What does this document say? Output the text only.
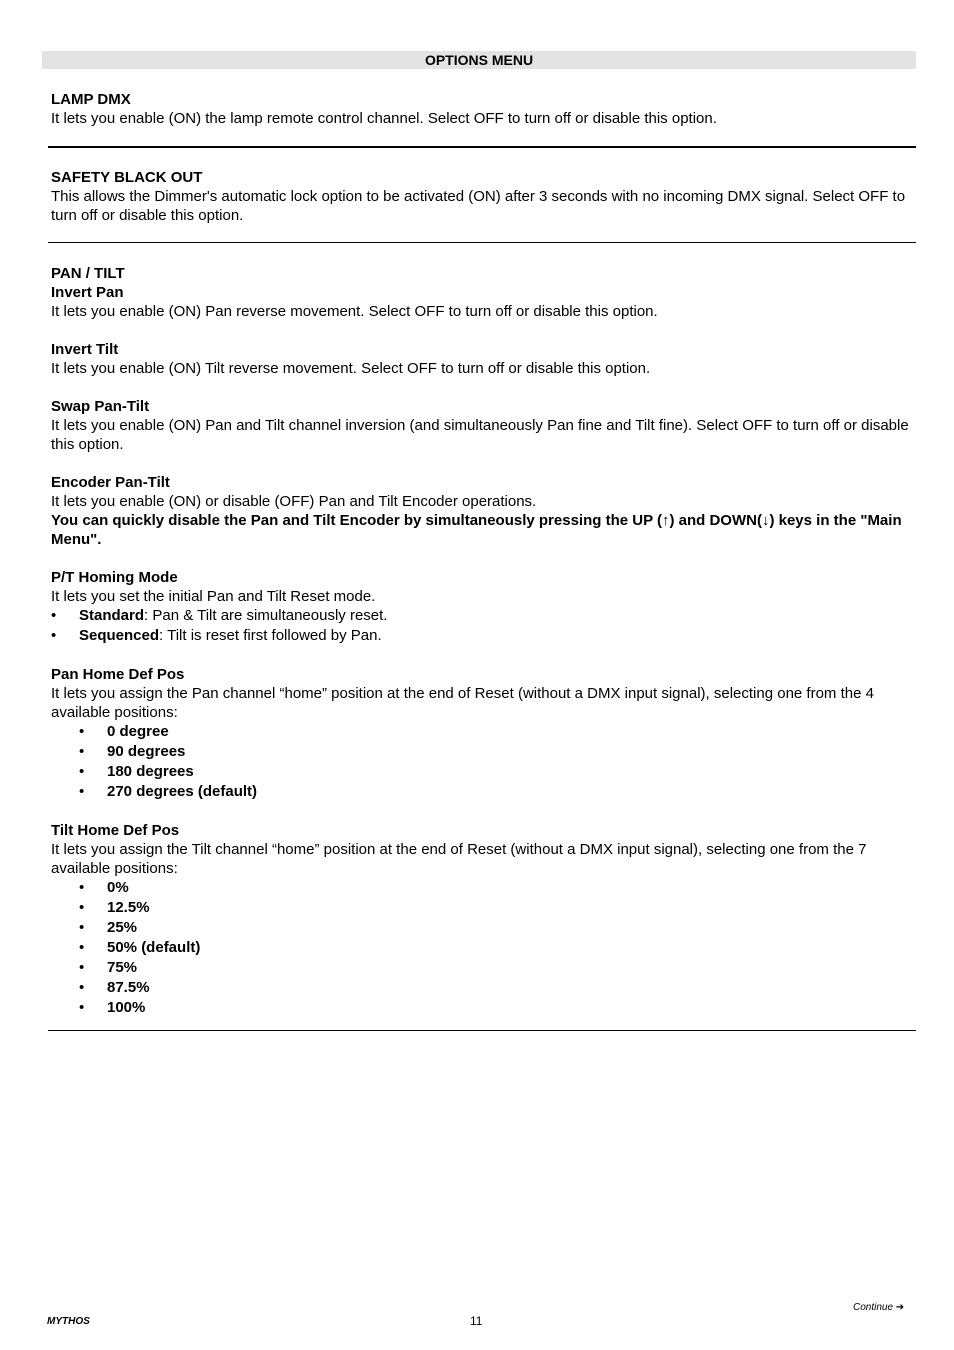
OPTIONS MENU

LAMP DMX

It lets you enable (ON) the lamp remote control channel. Select OFF to turn off or disable this option.

SAFETY BLACK OUT

This allows the Dimmer's automatic lock option to be activated (ON) after 3 seconds with no incoming DMX signal. Select OFF to turn off or disable this option.

PAN / TILT

Invert Pan

It lets you enable (ON) Pan reverse movement. Select OFF to turn off or disable this option.

Invert Tilt

It lets you enable (ON) Tilt reverse movement. Select OFF to turn off or disable this option.

Swap Pan-Tilt

It lets you enable (ON) Pan and Tilt channel inversion (and simultaneously Pan fine and Tilt fine). Select OFF to turn off or disable this option.

Encoder Pan-Tilt

It lets you enable (ON) or disable (OFF) Pan and Tilt Encoder operations.

You can quickly disable the Pan and Tilt Encoder by simultaneously pressing the UP (↑) and DOWN(↓) keys in the "Main Menu".

P/T Homing Mode

It lets you set the initial Pan and Tilt Reset mode.

• Standard: Pan & Tilt are simultaneously reset.
• Sequenced: Tilt is reset first followed by Pan.

Pan Home Def Pos

It lets you assign the Pan channel “home” position at the end of Reset (without a DMX input signal), selecting one from the 4 available positions:

• 0 degree
• 90 degrees
• 180 degrees
• 270 degrees (default)

Tilt Home Def Pos

It lets you assign the Tilt channel “home” position at the end of Reset (without a DMX input signal), selecting one from the 7 available positions:

• 0%
• 12.5%
• 25%
• 50% (default)
• 75%
• 87.5%
• 100%
Continue ➔
MYTHOS	11
